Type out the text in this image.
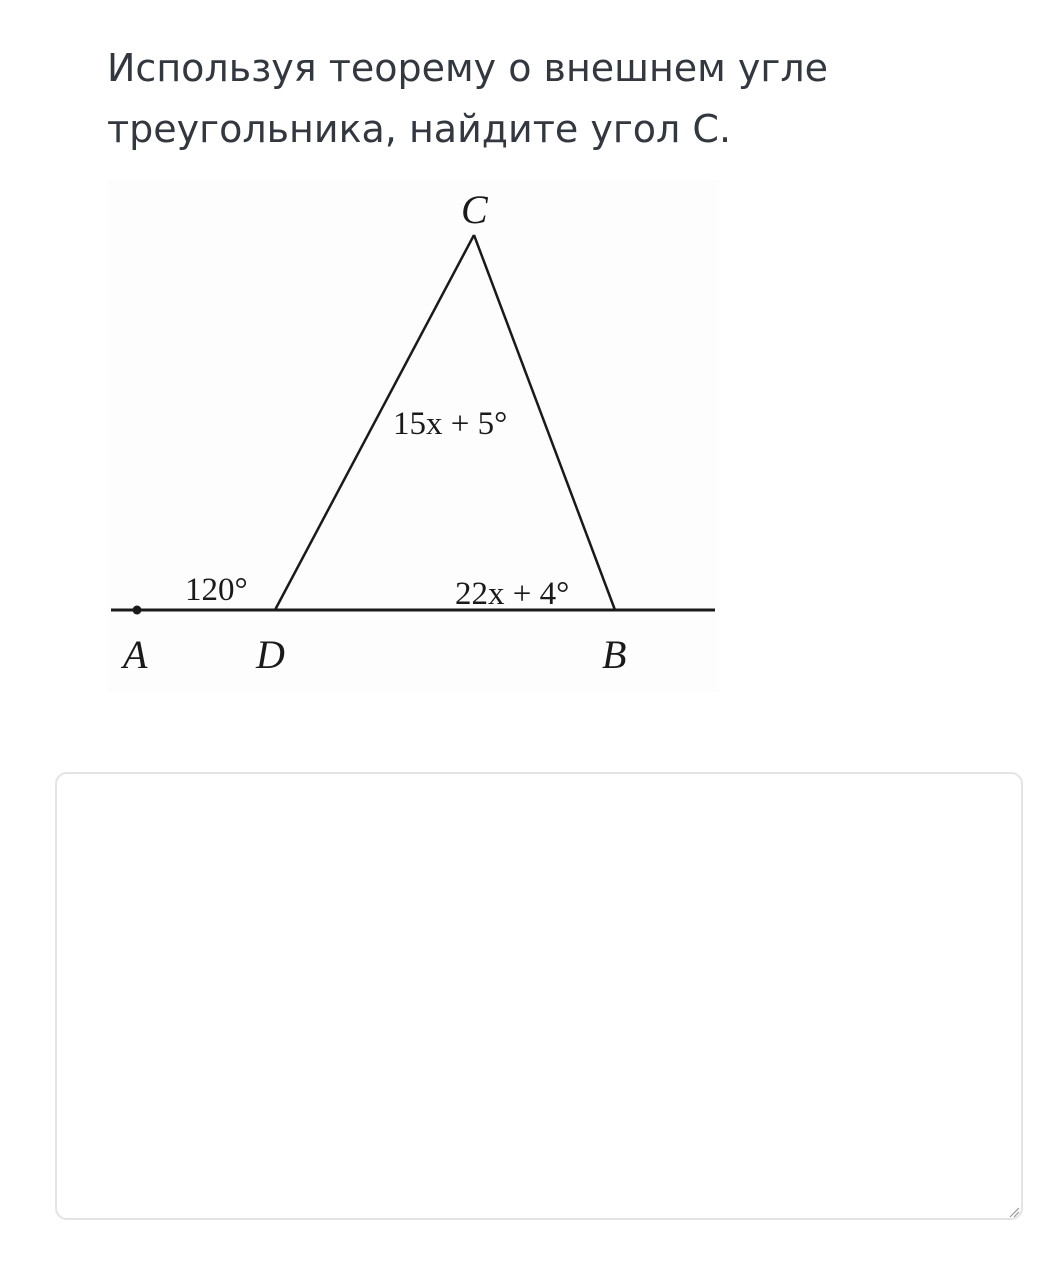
Используя теорему о внешнем угле треугольника, найдите угол С.

C
A	D	B
120°
15x + 5°
22x + 4°
